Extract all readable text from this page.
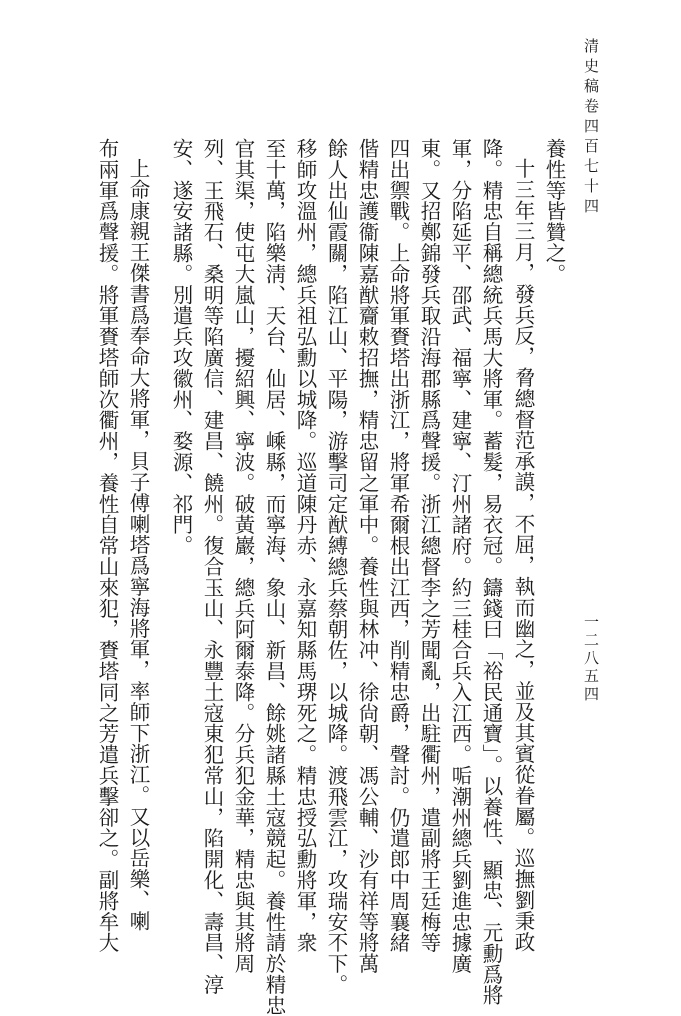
清史稿卷四百七十四
一二八五四
養性等皆贊之。
十三年三月，發兵反，脅總督范承謨，不屈，執而幽之，並及其賓從眷屬。巡撫劉秉政
降。精忠自稱總統兵馬大將軍。蓄髮，易衣冠。鑄錢曰「裕民通寶」。以養性、顯忠、元勳爲將
軍，分陷延平、邵武、福寧、建寧、汀州諸府。約三桂合兵入江西。㖃潮州總兵劉進忠據廣
東。又招鄭錦發兵取沿海郡縣爲聲援。浙江總督李之芳聞亂，出駐衢州，遣副將王廷梅等
四出禦戰。上命將軍賚塔出浙江，將軍希爾根出江西，削精忠爵，聲討。仍遣郎中周襄緒
偕精忠護衞陳嘉猷齎敕招撫，精忠留之軍中。養性與林冲、徐尙朝、馮公輔、沙有祥等將萬
餘人出仙霞關，陷江山、平陽，游擊司定猷縛總兵蔡朝佐，以城降。渡飛雲江，攻瑞安不下。
移師攻溫州，總兵祖弘勳以城降。巡道陳丹赤、永嘉知縣馬琾死之。精忠授弘勳將軍，衆
至十萬，陷樂淸、天台、仙居、嵊縣，而寧海、象山、新昌、餘姚諸縣土寇競起。養性請於精忠
官其渠，使屯大嵐山，擾紹興、寧波。破黃巖，總兵阿爾泰降。分兵犯金華，精忠與其將周
列、王飛石、桑明等陷廣信、建昌、饒州。復合玉山、永豐土寇東犯常山，陷開化、壽昌、淳
安、遂安諸縣。別遣兵攻徽州、婺源、祁門。
上命康親王傑書爲奉命大將軍，貝子傅喇塔爲寧海將軍，率師下浙江。又以岳樂、喇
布兩軍爲聲援。將軍賚塔師次衢州，養性自常山來犯，賚塔同之芳遣兵擊卻之。副將牟大
